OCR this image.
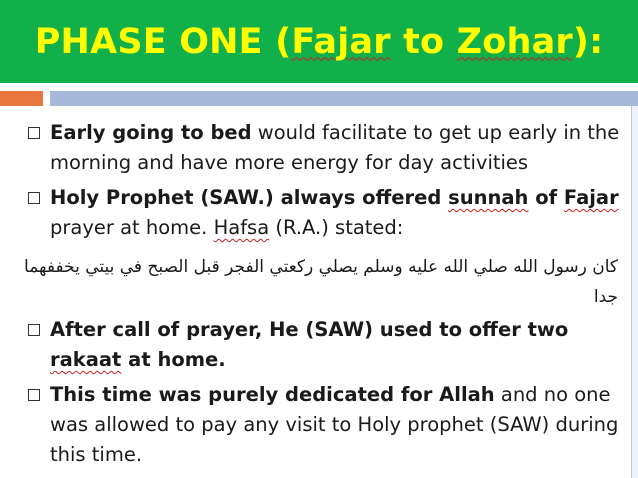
PHASE ONE (Fajar to Zohar):
Early going to bed would facilitate to get up early in the morning and have more energy for day activities
Holy Prophet (SAW.) always offered sunnah of Fajar prayer at home. Hafsa (R.A.) stated:
كان رسول الله صلي الله عليه وسلم يصلي ركعتي الفجر قبل الصبح في بيتي يخففهما جدا
After call of prayer, He (SAW) used to offer two rakaat at home.
This time was purely dedicated for Allah and no one was allowed to pay any visit to Holy prophet (SAW) during this time.
